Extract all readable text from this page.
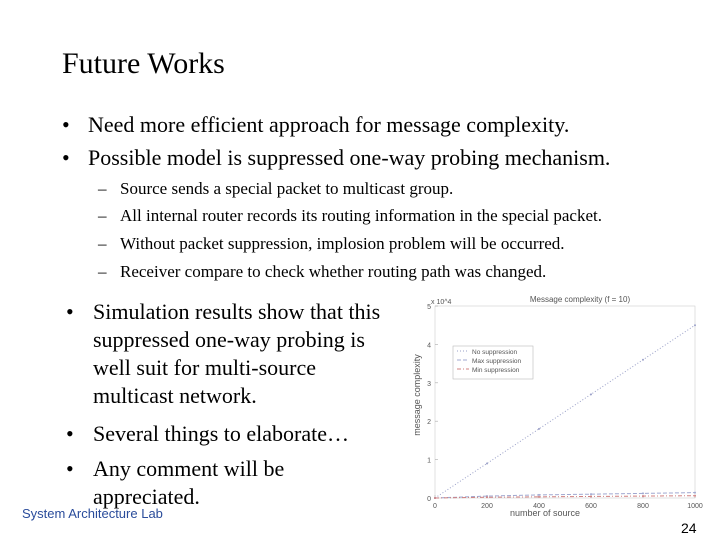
Future Works
• Need more efficient approach for message complexity.
• Possible model is suppressed one-way probing mechanism.
– Source sends a special packet to multicast group.
– All internal router records its routing information in the special packet.
– Without packet suppression, implosion problem will be occurred.
– Receiver compare to check whether routing path was changed.
• Simulation results show that this suppressed one-way probing is well suit for multi-source multicast network.
• Several things to elaborate…
• Any comment will be appreciated.
x 10^4	Message complexity (f = 10)
number of source
message complexity
0	200	400	600	800	1000
0
1
2
3
4
5
No suppression
Max suppression
Min suppression
System Architecture Lab
24
